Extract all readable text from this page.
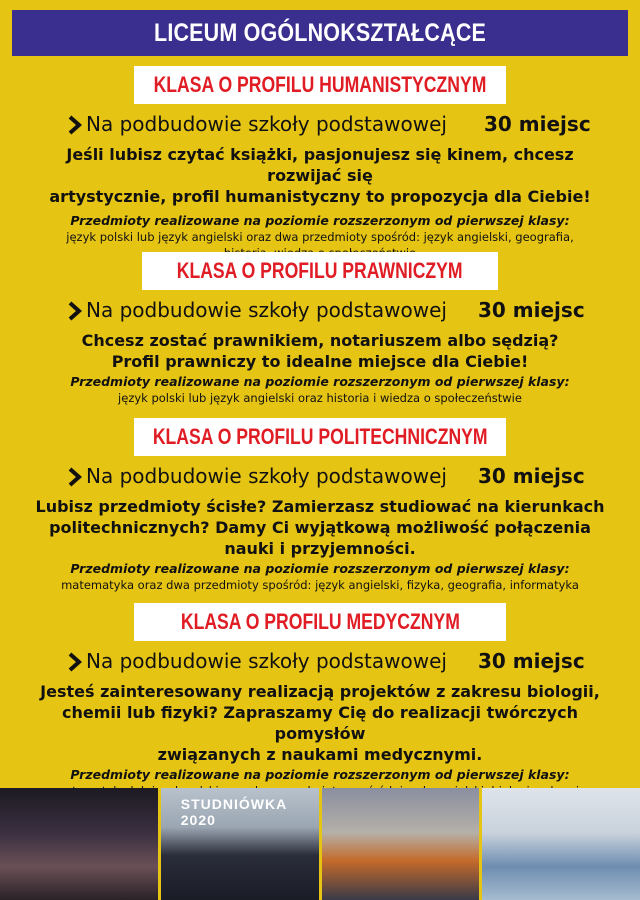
LICEUM OGÓLNOKSZTAŁCĄCE
KLASA O PROFILU HUMANISTYCZNYM
Na podbudowie szkoły podstawowej 30 miejsc
Jeśli lubisz czytać książki, pasjonujesz się kinem, chcesz rozwijać się
artystycznie, profil humanistyczny to propozycja dla Ciebie!
Przedmioty realizowane na poziomie rozszerzonym od pierwszej klasy:
język polski lub język angielski oraz dwa przedmioty spośród: język angielski, geografia,
KLASA O PROFILU PRAWNICZYM
Na podbudowie szkoły podstawowej 30 miejsc
Chcesz zostać prawnikiem, notariuszem albo sędzią?
Profil prawniczy to idealne miejsce dla Ciebie!
Przedmioty realizowane na poziomie rozszerzonym od pierwszej klasy:
język polski lub język angielski oraz historia i wiedza o społeczeństwie
KLASA O PROFILU POLITECHNICZNYM
Na podbudowie szkoły podstawowej 30 miejsc
Lubisz przedmioty ścisłe? Zamierzasz studiować na kierunkach
politechnicznych? Damy Ci wyjątkową możliwość połączenia
nauki i przyjemności.
Przedmioty realizowane na poziomie rozszerzonym od pierwszej klasy:
matematyka oraz dwa przedmioty spośród: język angielski, fizyka, geografia, informatyka
KLASA O PROFILU MEDYCZNYM
Na podbudowie szkoły podstawowej 30 miejsc
Jesteś zainteresowany realizacją projektów z zakresu biologii,
chemii lub fizyki? Zapraszamy Cię do realizacji twórczych pomysłów
związanych z naukami medycznymi.
Przedmioty realizowane na poziomie rozszerzonym od pierwszej klasy:
STUDNIÓWKA 2020
